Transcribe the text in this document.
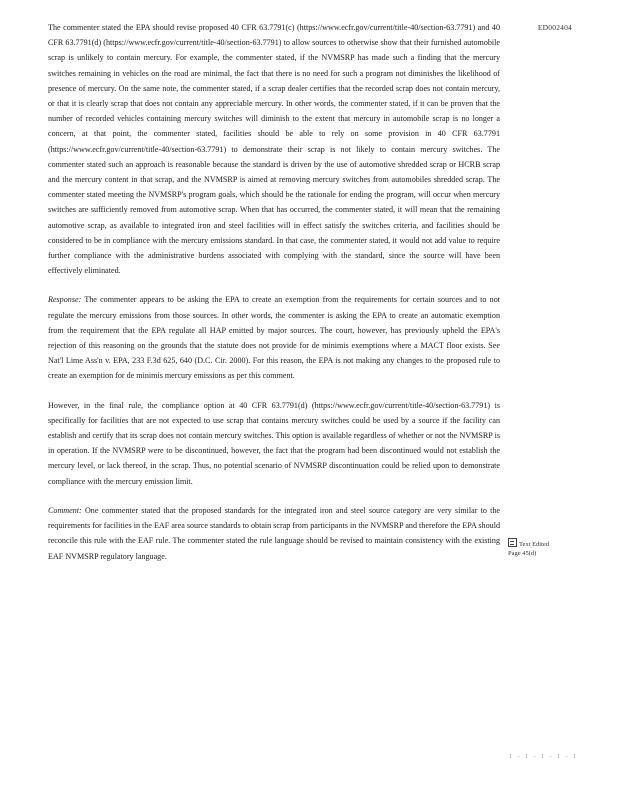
ED002404

The commenter stated the EPA should revise proposed 40 CFR 63.7791(c) (https://www.ecfr.gov/current/title-40/section-63.7791) and 40 CFR 63.7791(d) (https://www.ecfr.gov/current/title-40/section-63.7791) to allow sources to otherwise show that their furnished automobile scrap is unlikely to contain mercury. For example, the commenter stated, if the NVMSRP has made such a finding that the mercury switches remaining in vehicles on the road are minimal, the fact that there is no need for such a program not diminishes the likelihood of presence of mercury. On the same note, the commenter stated, if a scrap dealer certifies that the recorded scrap does not contain mercury, or that it is clearly scrap that does not contain any appreciable mercury. In other words, the commenter stated, if it can be proven that the number of recorded vehicles containing mercury switches will diminish to the extent that mercury in automobile scrap is no longer a concern, at that point, the commenter stated, facilities should be able to rely on some provision in 40 CFR 63.7791 (https://www.ecfr.gov/current/title-40/section-63.7791) to demonstrate their scrap is not likely to contain mercury switches. The commenter stated such an approach is reasonable because the standard is driven by the use of automotive shredded scrap or HCRB scrap and the mercury content in that scrap, and the NVMSRP is aimed at removing mercury switches from automobiles shredded scrap. The commenter stated meeting the NVMSRP's program goals, which should be the rationale for ending the program, will occur when mercury switches are sufficiently removed from automotive scrap. When that has occurred, the commenter stated, it will mean that the remaining automotive scrap, as available to integrated iron and steel facilities will in effect satisfy the switches criteria, and facilities should be considered to be in compliance with the mercury emissions standard. In that case, the commenter stated, it would not add value to require further compliance with the administrative burdens associated with complying with the standard, since the source will have been effectively eliminated.

Response: The commenter appears to be asking the EPA to create an exemption from the requirements for certain sources and to not regulate the mercury emissions from those sources. In other words, the commenter is asking the EPA to create an automatic exemption from the requirement that the EPA regulate all HAP emitted by major sources. The court, however, has previously upheld the EPA's rejection of this reasoning on the grounds that the statute does not provide for de minimis exemptions where a MACT floor exists. See Nat'l Lime Ass'n v. EPA, 233 F.3d 625, 640 (D.C. Cir. 2000). For this reason, the EPA is not making any changes to the proposed rule to create an exemption for de minimis mercury emissions as per this comment.

However, in the final rule, the compliance option at 40 CFR 63.7791(d) (https://www.ecfr.gov/current/title-40/section-63.7791) is specifically for facilities that are not expected to use scrap that contains mercury switches could be used by a source if the facility can establish and certify that its scrap does not contain mercury switches. This option is available regardless of whether or not the NVMSRP is in operation. If the NVMSRP were to be discontinued, however, the fact that the program had been discontinued would not establish the mercury level, or lack thereof, in the scrap. Thus, no potential scenario of NVMSRP discontinuation could be relied upon to demonstrate compliance with the mercury emission limit.

Comment: One commenter stated that the proposed standards for the integrated iron and steel source category are very similar to the requirements for facilities in the EAF area source standards to obtain scrap from participants in the NVMSRP and therefore the EPA should reconcile this rule with the EAF rule. The commenter stated the rule language should be revised to maintain consistency with the existing EAF NVMSRP regulatory language.

Text Edited
Page 45(d)
1 - 1 - 1 - 1 - 1
